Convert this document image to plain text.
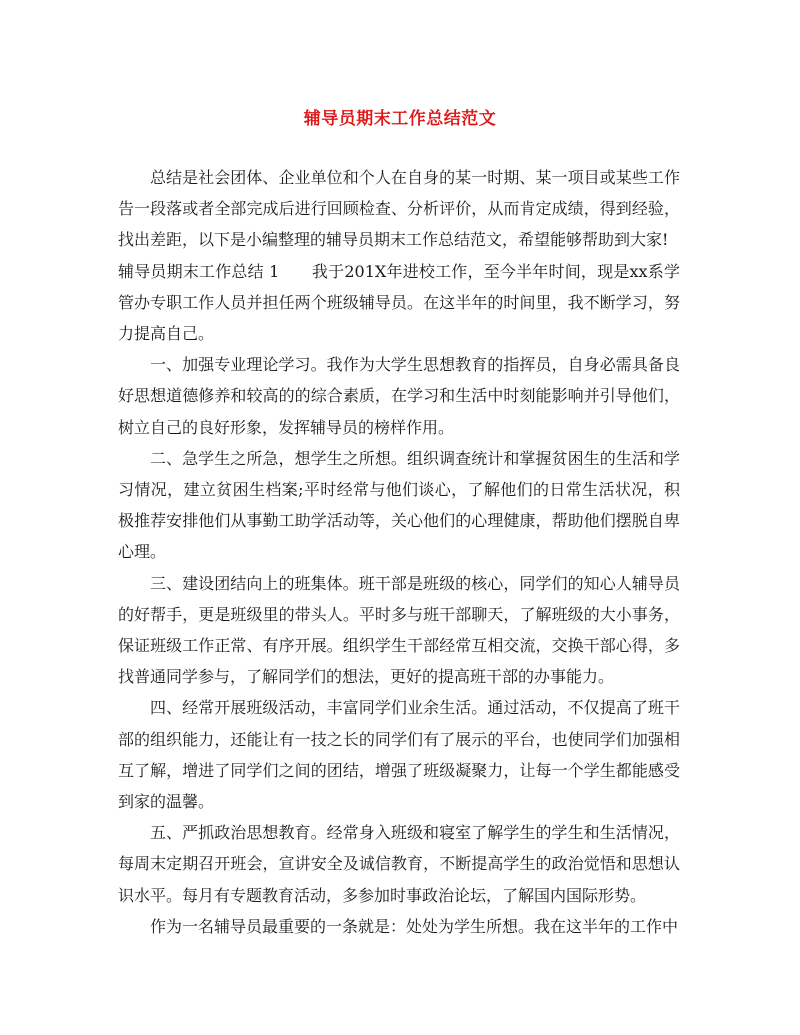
辅导员期末工作总结范文

总结是社会团体、企业单位和个人在自身的某一时期、某一项目或某些工作告一段落或者全部完成后进行回顾检查、分析评价，从而肯定成绩，得到经验，找出差距，以下是小编整理的辅导员期末工作总结范文，希望能够帮助到大家!

辅导员期末工作总结 1　　我于201X年进校工作，至今半年时间，现是xx系学管办专职工作人员并担任两个班级辅导员。在这半年的时间里，我不断学习，努力提高自己。

一、加强专业理论学习。我作为大学生思想教育的指挥员，自身必需具备良好思想道德修养和较高的的综合素质，在学习和生活中时刻能影响并引导他们，树立自己的良好形象，发挥辅导员的榜样作用。

二、急学生之所急，想学生之所想。组织调查统计和掌握贫困生的生活和学习情况，建立贫困生档案;平时经常与他们谈心，了解他们的日常生活状况，积极推荐安排他们从事勤工助学活动等，关心他们的心理健康，帮助他们摆脱自卑心理。

三、建设团结向上的班集体。班干部是班级的核心，同学们的知心人辅导员的好帮手，更是班级里的带头人。平时多与班干部聊天，了解班级的大小事务，保证班级工作正常、有序开展。组织学生干部经常互相交流，交换干部心得，多找普通同学参与，了解同学们的想法，更好的提高班干部的办事能力。

四、经常开展班级活动，丰富同学们业余生活。通过活动，不仅提高了班干部的组织能力，还能让有一技之长的同学们有了展示的平台，也使同学们加强相互了解，增进了同学们之间的团结，增强了班级凝聚力，让每一个学生都能感受到家的温馨。

五、严抓政治思想教育。经常身入班级和寝室了解学生的学生和生活情况，每周末定期召开班会，宣讲安全及诚信教育，不断提高学生的政治觉悟和思想认识水平。每月有专题教育活动，多参加时事政治论坛，了解国内国际形势。

作为一名辅导员最重要的一条就是：处处为学生所想。我在这半年的工作中
